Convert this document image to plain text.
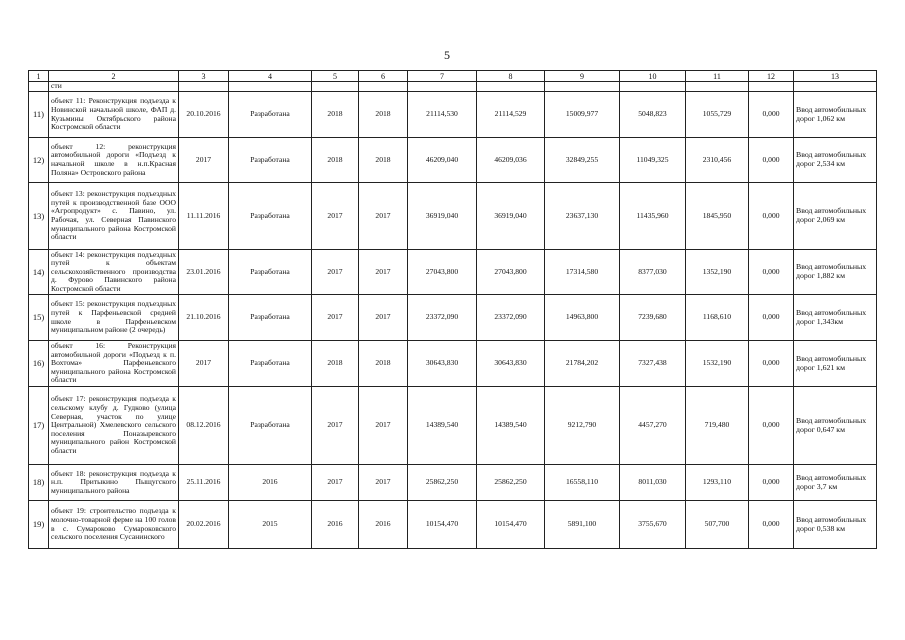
5
1	2	3	4	5	6	7	8	9	10	11	12	13
	сти											
11)	объект 11: Реконструкция подъезда к Новинской начальной школе, ФАП д. Кузьмины Октябрьского района Костромской области	20.10.2016	Разработана	2018	2018	21114,530	21114,529	15009,977	5048,823	1055,729	0,000	Ввод автомобильных дорог 1,062 км
12)	объект 12: реконструкция автомобильной дороги «Подъезд к начальной школе в н.п.Красная Поляна» Островского района	2017	Разработана	2018	2018	46209,040	46209,036	32849,255	11049,325	2310,456	0,000	Ввод автомобильных дорог 2,534 км
13)	объект 13: реконструкция подъездных путей к производственной базе ООО «Агропродукт» с. Павино, ул. Рабочая, ул. Северная Павинского муниципального района Костромской области	11.11.2016	Разработана	2017	2017	36919,040	36919,040	23637,130	11435,960	1845,950	0,000	Ввод автомобильных дорог 2,069 км
14)	объект 14: реконструкция подъездных путей к объектам сельскохозяйственного производства д. Фурово Павинского района Костромской области	23.01.2016	Разработана	2017	2017	27043,800	27043,800	17314,580	8377,030	1352,190	0,000	Ввод автомобильных дорог 1,882 км
15)	объект 15: реконструкция подъездных путей к Парфеньевской средней школе в Парфеньевском муниципальном районе (2 очередь)	21.10.2016	Разработана	2017	2017	23372,090	23372,090	14963,800	7239,680	1168,610	0,000	Ввод автомобильных дорог 1,343км
16)	объект 16: Реконструкция автомобильной дороги «Подъезд к п. Вохтома» Парфеньевского муниципального района Костромской области	2017	Разработана	2018	2018	30643,830	30643,830	21784,202	7327,438	1532,190	0,000	Ввод автомобильных дорог 1,621 км
17)	объект 17: реконструкция подъезда к сельскому клубу д. Гудково (улица Северная, участок по улице Центральной) Хмелевского сельского поселения Поназыревского муниципального район Костромской области	08.12.2016	Разработана	2017	2017	14389,540	14389,540	9212,790	4457,270	719,480	0,000	Ввод автомобильных дорог 0,647 км
18)	объект 18: реконструкция подъезда к н.п. Притыкино Пыщугского муниципального района	25.11.2016	2016	2017	2017	25862,250	25862,250	16558,110	8011,030	1293,110	0,000	Ввод автомобильных дорог 3,7 км
19)	объект 19: строительство подъезда к молочно-товарной ферме на 100 голов в с. Сумароково Сумароковского сельского поселения Сусанинского	20.02.2016	2015	2016	2016	10154,470	10154,470	5891,100	3755,670	507,700	0,000	Ввод автомобильных дорог 0,538 км
